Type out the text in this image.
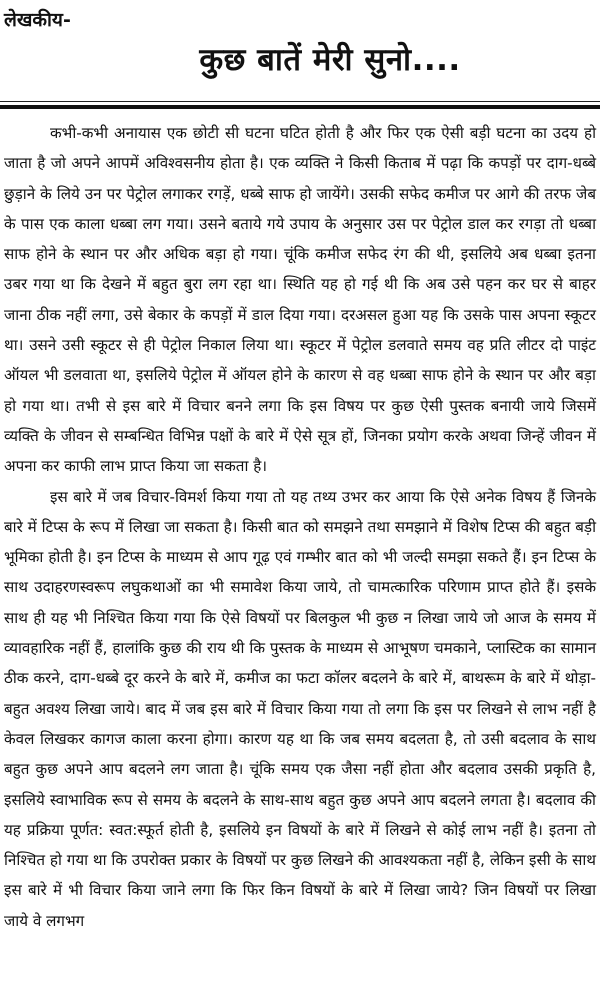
लेखकीय-
कुछ बातें मेरी सुनो....

कभी-कभी अनायास एक छोटी सी घटना घटित होती है और फिर एक ऐसी बड़ी घटना का उदय हो जाता है जो अपने आपमें अविश्वसनीय होता है। एक व्यक्ति ने किसी किताब में पढ़ा कि कपड़ों पर दाग-धब्बे छुड़ाने के लिये उन पर पेट्रोल लगाकर रगड़ें, धब्बे साफ हो जायेंगे। उसकी सफेद कमीज पर आगे की तरफ जेब के पास एक काला धब्बा लग गया। उसने बताये गये उपाय के अनुसार उस पर पेट्रोल डाल कर रगड़ा तो धब्बा साफ होने के स्थान पर और अधिक बड़ा हो गया। चूंकि कमीज सफेद रंग की थी, इसलिये अब धब्बा इतना उबर गया था कि देखने में बहुत बुरा लग रहा था। स्थिति यह हो गई थी कि अब उसे पहन कर घर से बाहर जाना ठीक नहीं लगा, उसे बेकार के कपड़ों में डाल दिया गया। दरअसल हुआ यह कि उसके पास अपना स्कूटर था। उसने उसी स्कूटर से ही पेट्रोल निकाल लिया था। स्कूटर में पेट्रोल डलवाते समय वह प्रति लीटर दो पाइंट ऑयल भी डलवाता था, इसलिये पेट्रोल में ऑयल होने के कारण से वह धब्बा साफ होने के स्थान पर और बड़ा हो गया था। तभी से इस बारे में विचार बनने लगा कि इस विषय पर कुछ ऐसी पुस्तक बनायी जाये जिसमें व्यक्ति के जीवन से सम्बन्धित विभिन्न पक्षों के बारे में ऐसे सूत्र हों, जिनका प्रयोग करके अथवा जिन्हें जीवन में अपना कर काफी लाभ प्राप्त किया जा सकता है।

इस बारे में जब विचार-विमर्श किया गया तो यह तथ्य उभर कर आया कि ऐसे अनेक विषय हैं जिनके बारे में टिप्स के रूप में लिखा जा सकता है। किसी बात को समझने तथा समझाने में विशेष टिप्स की बहुत बड़ी भूमिका होती है। इन टिप्स के माध्यम से आप गूढ़ एवं गम्भीर बात को भी जल्दी समझा सकते हैं। इन टिप्स के साथ उदाहरणस्वरूप लघुकथाओं का भी समावेश किया जाये, तो चामत्कारिक परिणाम प्राप्त होते हैं। इसके साथ ही यह भी निश्चित किया गया कि ऐसे विषयों पर बिलकुल भी कुछ न लिखा जाये जो आज के समय में व्यावहारिक नहीं हैं, हालांकि कुछ की राय थी कि पुस्तक के माध्यम से आभूषण चमकाने, प्लास्टिक का सामान ठीक करने, दाग-धब्बे दूर करने के बारे में, कमीज का फटा कॉलर बदलने के बारे में, बाथरूम के बारे में थोड़ा-बहुत अवश्य लिखा जाये। बाद में जब इस बारे में विचार किया गया तो लगा कि इस पर लिखने से लाभ नहीं है केवल लिखकर कागज काला करना होगा। कारण यह था कि जब समय बदलता है, तो उसी बदलाव के साथ बहुत कुछ अपने आप बदलने लग जाता है। चूंकि समय एक जैसा नहीं होता और बदलाव उसकी प्रकृति है, इसलिये स्वाभाविक रूप से समय के बदलने के साथ-साथ बहुत कुछ अपने आप बदलने लगता है। बदलाव की यह प्रक्रिया पूर्णत: स्वत:स्फूर्त होती है, इसलिये इन विषयों के बारे में लिखने से कोई लाभ नहीं है। इतना तो निश्चित हो गया था कि उपरोक्त प्रकार के विषयों पर कुछ लिखने की आवश्यकता नहीं है, लेकिन इसी के साथ इस बारे में भी विचार किया जाने लगा कि फिर किन विषयों के बारे में लिखा जाये? जिन विषयों पर लिखा जाये वे लगभग
